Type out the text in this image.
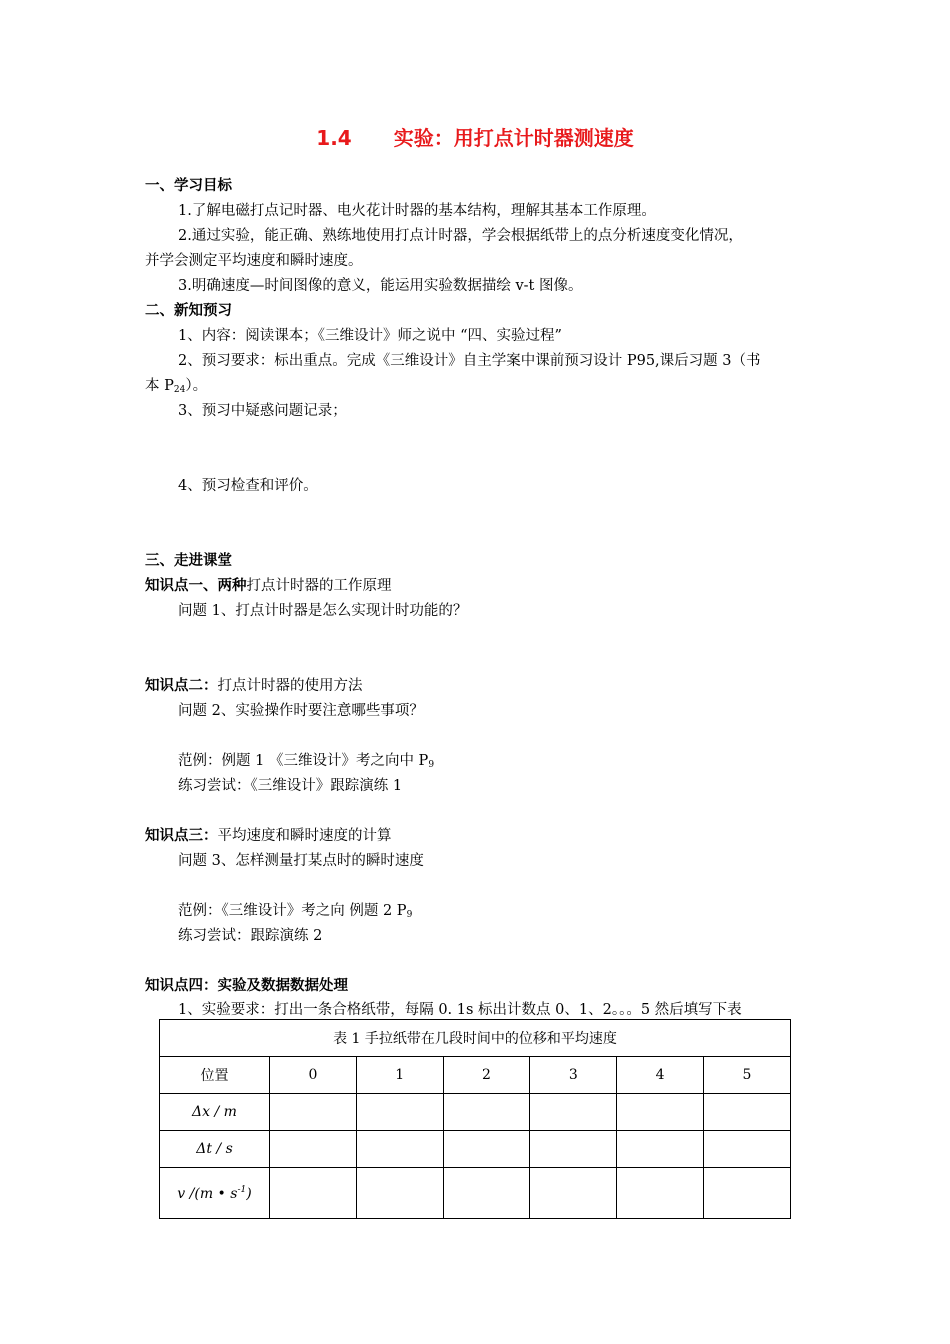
1.4 实验：用打点计时器测速度
一、学习目标
1.了解电磁打点记时器、电火花计时器的基本结构，理解其基本工作原理。
2.通过实验，能正确、熟练地使用打点计时器，学会根据纸带上的点分析速度变化情况，
并学会测定平均速度和瞬时速度。
3.明确速度—时间图像的意义，能运用实验数据描绘 v-t 图像。
二、新知预习
1、内容：阅读课本；《三维设计》师之说中 “四、实验过程”
2、预习要求：标出重点。完成《三维设计》自主学案中课前预习设计 P95,课后习题 3（书
本 $P_{24}$）。
3、预习中疑惑问题记录；
4、预习检查和评价。
三、走进课堂
知识点一、两种打点计时器的工作原理
问题 1、打点计时器是怎么实现计时功能的？
知识点二：打点计时器的使用方法
问题 2、实验操作时要注意哪些事项？
范例：例题 1 《三维设计》考之向中 $P_9$
练习尝试：《三维设计》跟踪演练 1
知识点三：平均速度和瞬时速度的计算
问题 3、怎样测量打某点时的瞬时速度
范例：《三维设计》考之向 例题 2 $P_9$
练习尝试：跟踪演练 2
知识点四：实验及数据数据处理
1、实验要求：打出一条合格纸带，每隔 0. 1s 标出计数点 0、1、2。。。5 然后填写下表
表 1 手拉纸带在几段时间中的位移和平均速度						
位置	0	1	2	3	4	5
Δx / m						
Δt / s						
v /(m • $s^{-1}$)						
